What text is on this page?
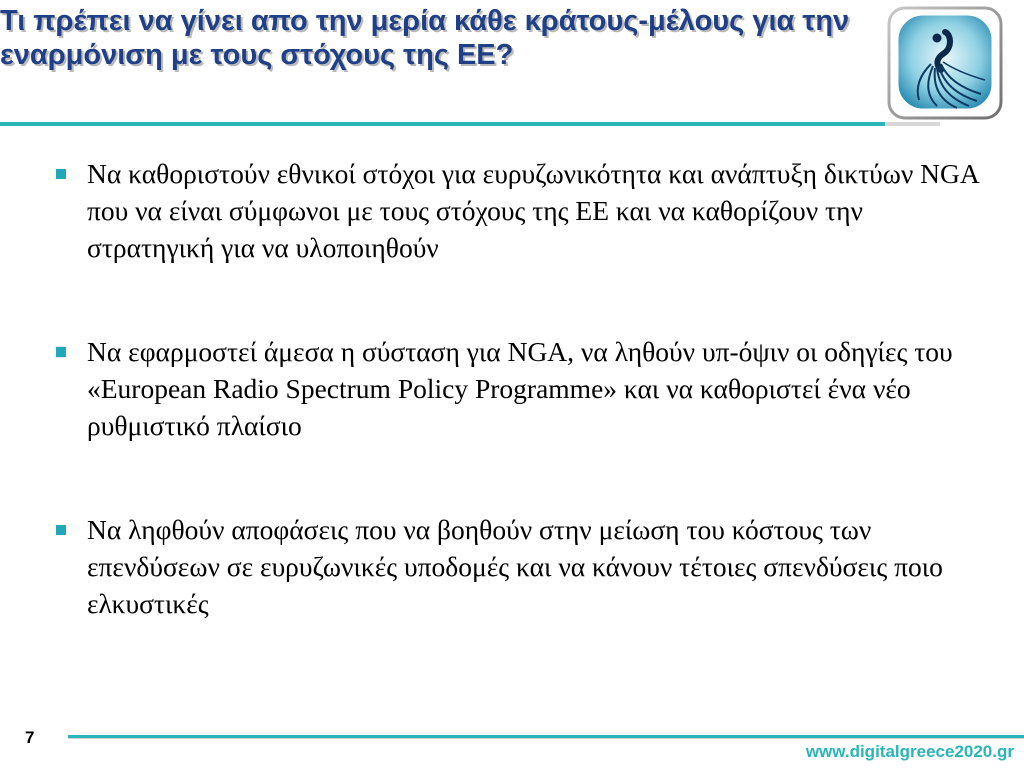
Τι πρέπει να γίνει απο την μερία κάθε κράτους-μέλους για την εναρμόνιση με τους στόχους της ΕΕ?
Να καθοριστούν εθνικοί στόχοι για ευρυζωνικότητα και ανάπτυξη δικτύων NGA που να είναι σύμφωνοι με τους στόχους της ΕΕ και να καθορίζουν την στρατηγική για να υλοποιηθούν
Να εφαρμοστεί άμεσα η σύσταση για NGA, να ληθούν υπ-όψιν οι οδηγίες του «European Radio Spectrum Policy Programme» και να καθοριστεί ένα νέο ρυθμιστικό πλαίσιο
Να ληφθούν αποφάσεις που να βοηθούν στην μείωση του κόστους των επενδύσεων σε ευρυζωνικές υποδομές και να κάνουν τέτοιες σπενδύσεις ποιο ελκυστικές
7
www.digitalgreece2020.gr
